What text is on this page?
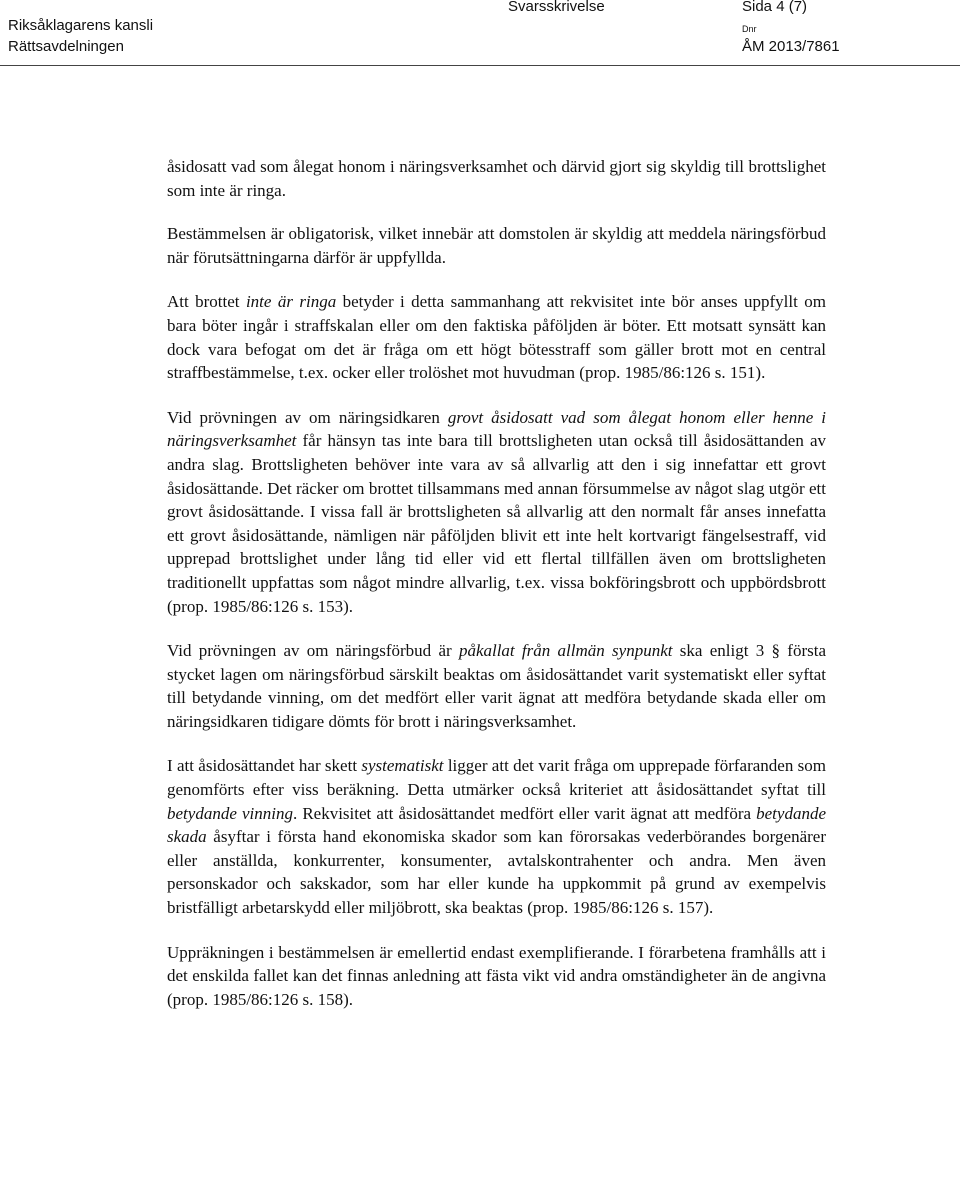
Riksåklagarens kansli
Rättsavdelningen
Svarsskrivelse	Sida 4 (7)
Dnr
ÅM 2013/7861

åsidosatt vad som ålegat honom i näringsverksamhet och därvid gjort sig skyldig till brottslighet som inte är ringa.

Bestämmelsen är obligatorisk, vilket innebär att domstolen är skyldig att meddela näringsförbud när förutsättningarna därför är uppfyllda.

Att brottet inte är ringa betyder i detta sammanhang att rekvisitet inte bör anses uppfyllt om bara böter ingår i straffskalan eller om den faktiska påföljden är böter. Ett motsatt synsätt kan dock vara befogat om det är fråga om ett högt bötesstraff som gäller brott mot en central straffbestämmelse, t.ex. ocker eller trolöshet mot huvudman (prop. 1985/86:126 s. 151).

Vid prövningen av om näringsidkaren grovt åsidosatt vad som ålegat honom eller henne i näringsverksamhet får hänsyn tas inte bara till brottsligheten utan också till åsidosättanden av andra slag. Brottsligheten behöver inte vara av så allvarlig att den i sig innefattar ett grovt åsidosättande. Det räcker om brottet tillsammans med annan försummelse av något slag utgör ett grovt åsidosättande. I vissa fall är brottsligheten så allvarlig att den normalt får anses innefatta ett grovt åsidosättande, nämligen när påföljden blivit ett inte helt kortvarigt fängelsestraff, vid upprepad brottslighet under lång tid eller vid ett flertal tillfällen även om brottsligheten traditionellt uppfattas som något mindre allvarlig, t.ex. vissa bokföringsbrott och uppbördsbrott (prop. 1985/86:126 s. 153).

Vid prövningen av om näringsförbud är påkallat från allmän synpunkt ska enligt 3 § första stycket lagen om näringsförbud särskilt beaktas om åsidosättandet varit systematiskt eller syftat till betydande vinning, om det medfört eller varit ägnat att medföra betydande skada eller om näringsidkaren tidigare dömts för brott i näringsverksamhet.

I att åsidosättandet har skett systematiskt ligger att det varit fråga om upprepade förfaranden som genomförts efter viss beräkning. Detta utmärker också kriteriet att åsidosättandet syftat till betydande vinning. Rekvisitet att åsidosättandet medfört eller varit ägnat att medföra betydande skada åsyftar i första hand ekonomiska skador som kan förorsakas vederbörandes borgenärer eller anställda, konkurrenter, konsumenter, avtalskontrahenter och andra. Men även personskador och sakskador, som har eller kunde ha uppkommit på grund av exempelvis bristfälligt arbetarskydd eller miljöbrott, ska beaktas (prop. 1985/86:126 s. 157).

Uppräkningen i bestämmelsen är emellertid endast exemplifierande. I förarbetena framhålls att i det enskilda fallet kan det finnas anledning att fästa vikt vid andra omständigheter än de angivna (prop. 1985/86:126 s. 158).
